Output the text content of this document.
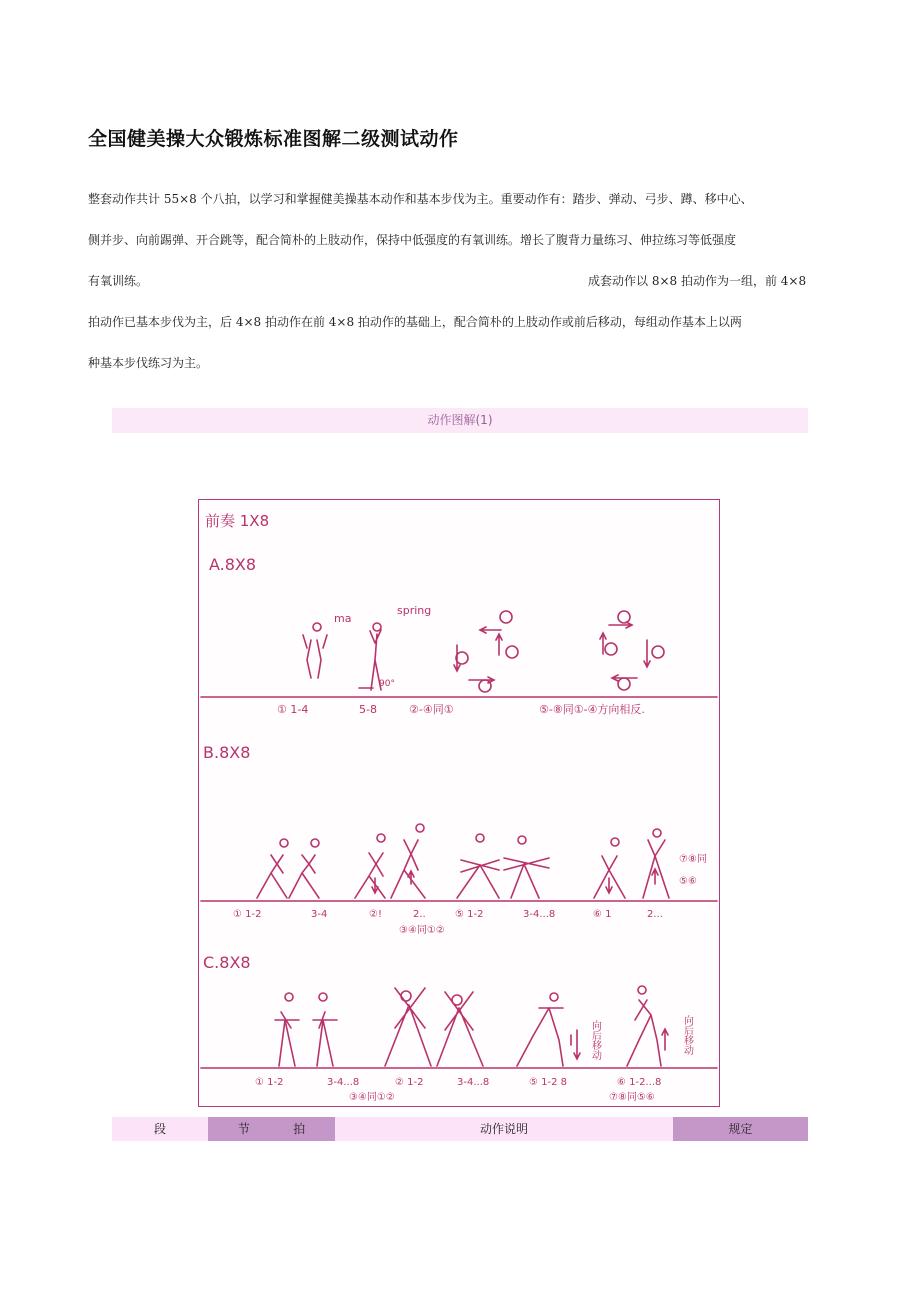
全国健美操大众锻炼标准图解二级测试动作
整套动作共计 55×8 个八拍，以学习和掌握健美操基本动作和基本步伐为主。重要动作有：踏步、弹动、弓步、蹲、移中心、
侧并步、向前踢弹、开合跳等，配合简朴的上肢动作，保持中低强度的有氧训练。增长了腹背力量练习、伸拉练习等低强度
有氧训练。	成套动作以 8×8 拍动作为一组，前 4×8
拍动作已基本步伐为主，后 4×8 拍动作在前 4×8 拍动作的基础上，配合简朴的上肢动作或前后移动，每组动作基本上以两
种基本步伐练习为主。
动作图解(1)
前奏 1X8
A.8X8
ma
spring
90°
① 1-4	5-8	②-④同①	⑤-⑧同①-④方向相反.
B.8X8
① 1-2	3-4	②!	2..	⑤ 1-2	3-4...8	⑥ 1	2...
③④同①②
⑦⑧同
⑤⑥
C.8X8
① 1-2	3-4...8	② 1-2	3-4...8	⑤ 1-2 8	⑥ 1-2...8
③④同①②	⑦⑧同⑤⑥
向后移动	向后移动
段	节	拍	动作说明	规定
